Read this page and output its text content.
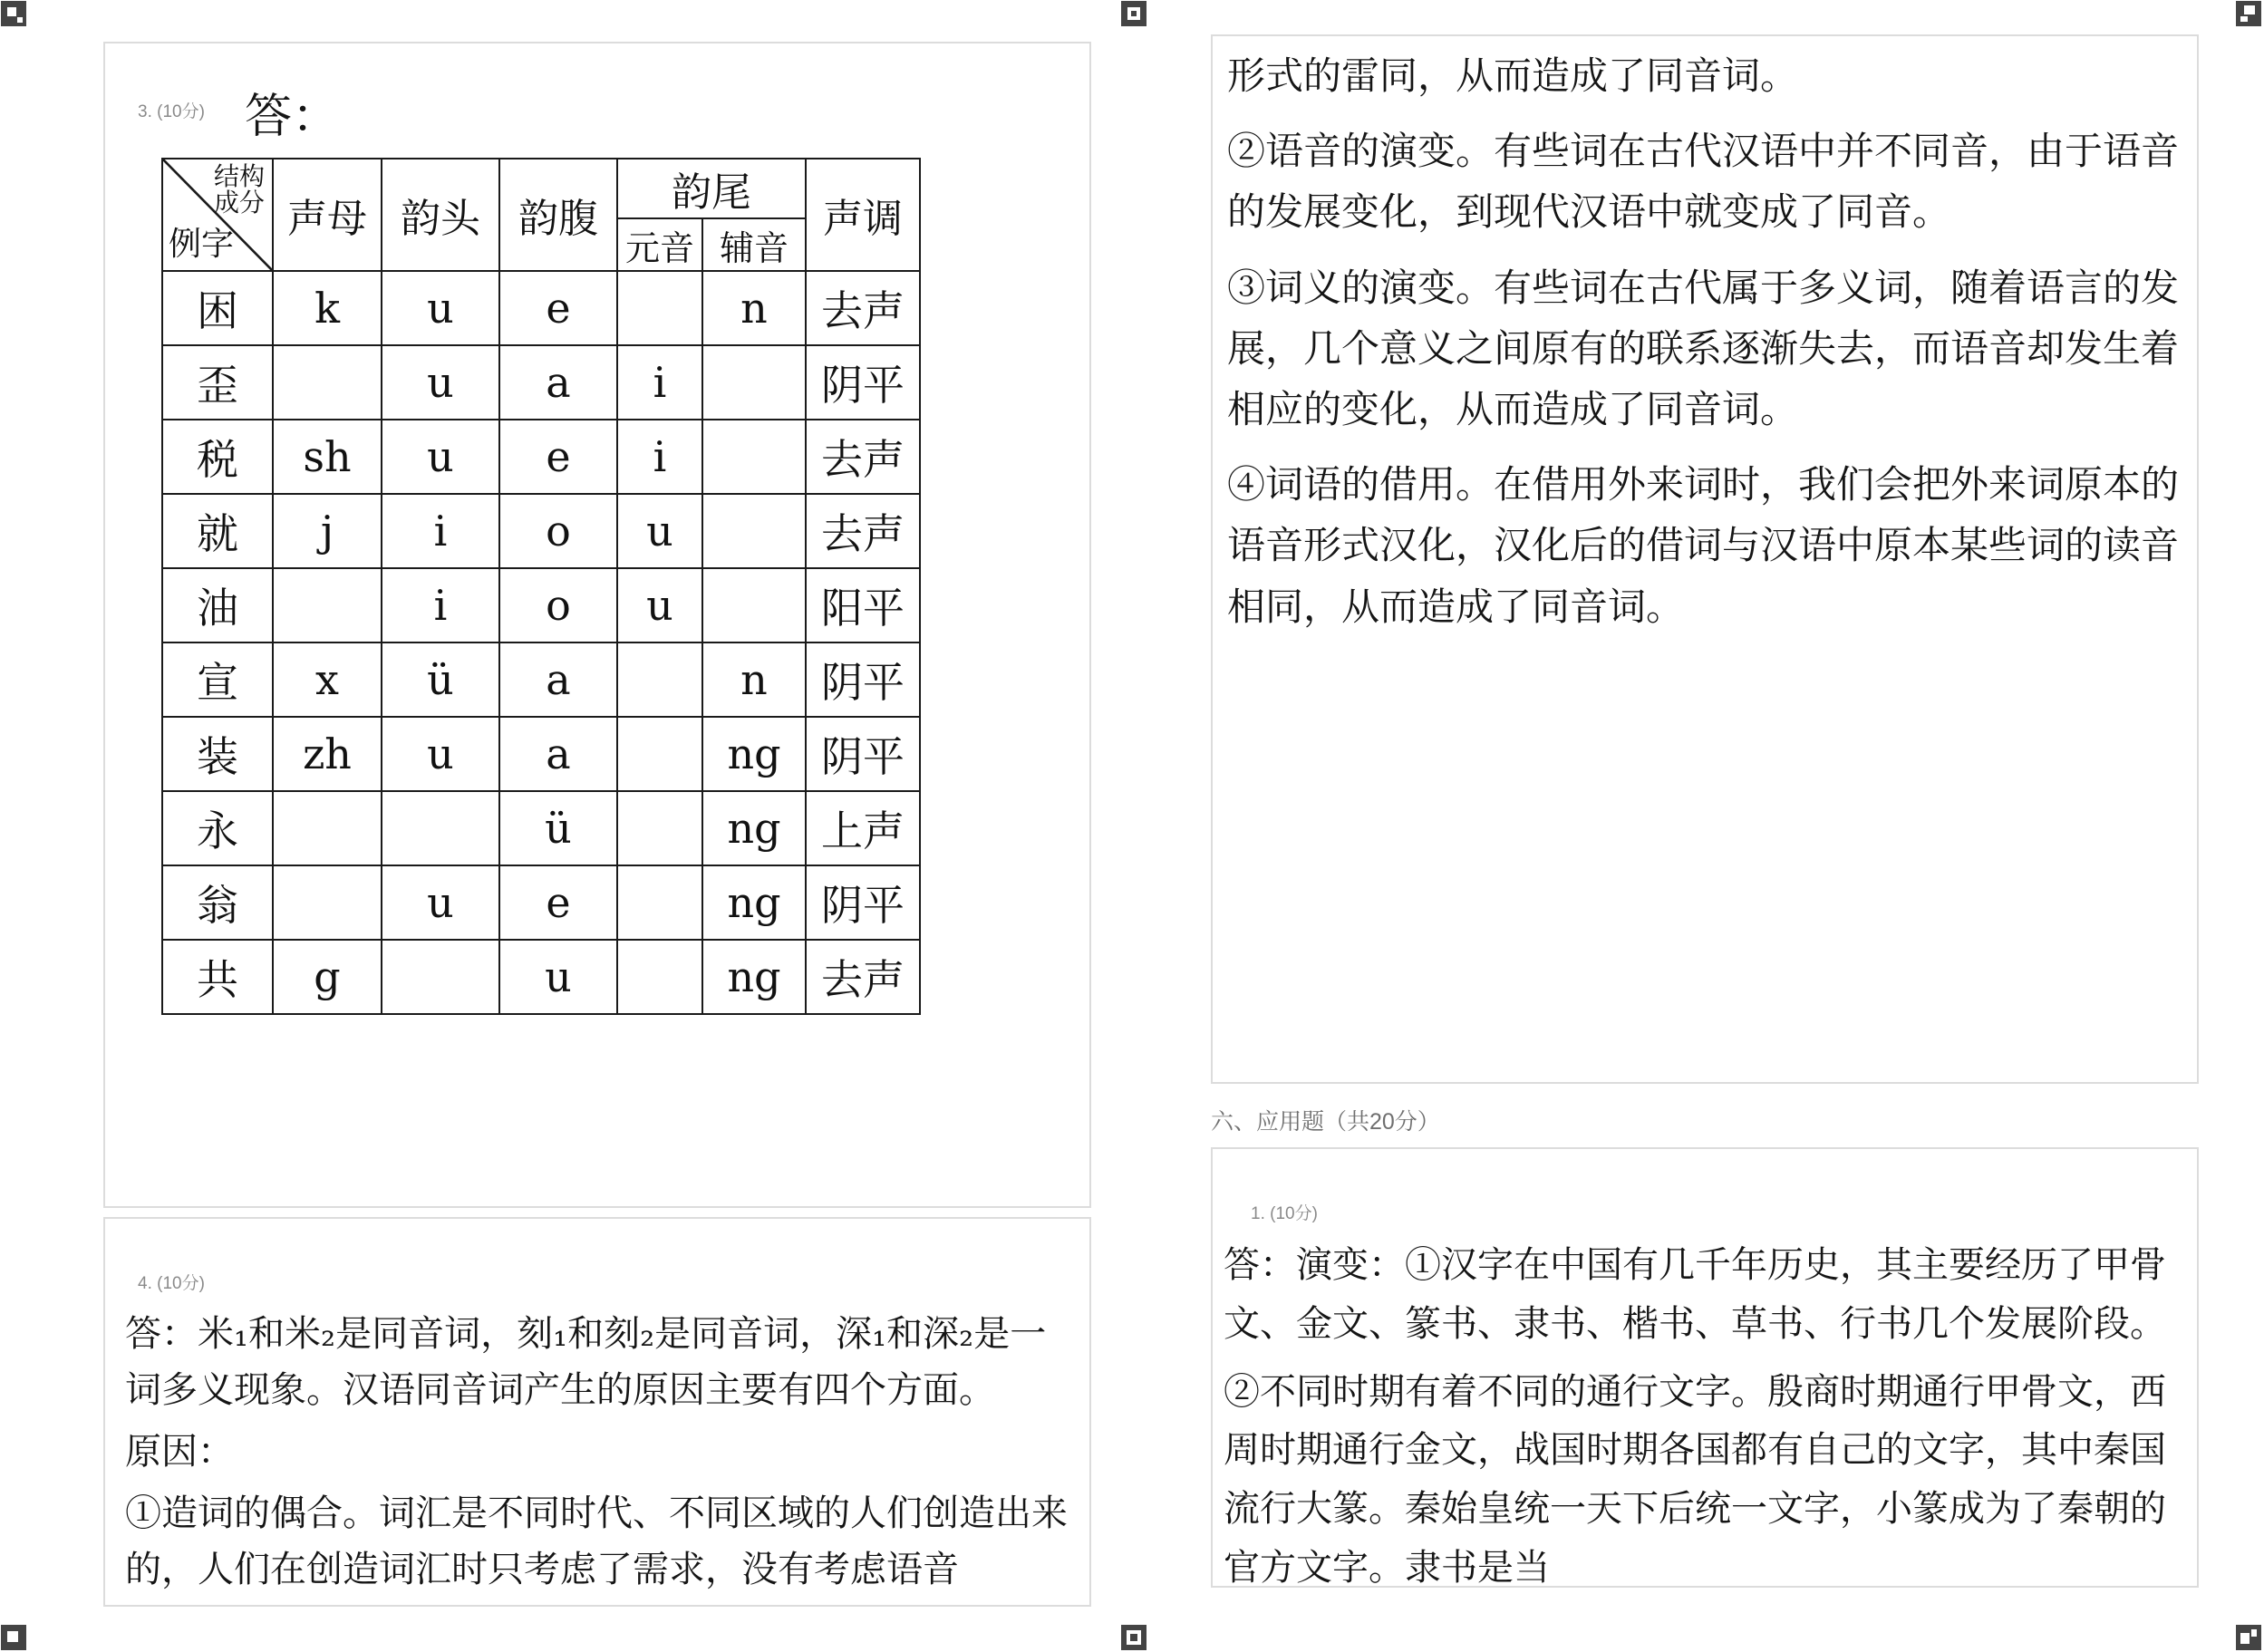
3. (10分) 答：
结构
成分
例字	声母	韵头	韵腹	韵尾		声调
				元音	辅音	
困	k	u	e		n	去声
歪		u	a	i		阴平
税	sh	u	e	i		去声
就	j	i	o	u		去声
油		i	o	u		阳平
宣	x	ü	a		n	阴平
装	zh	u	a		ng	阴平
永			ü		ng	上声
翁		u	e		ng	阴平
共	g		u		ng	去声
4. (10分)

答：米₁和米₂是同音词，刻₁和刻₂是同音词，深₁和深₂是一词多义现象。汉语同音词产生的原因主要有四个方面。

原因：

①造词的偶合。词汇是不同时代、不同区域的人们创造出来的，人们在创造词汇时只考虑了需求，没有考虑语音

形式的雷同，从而造成了同音词。

②语音的演变。有些词在古代汉语中并不同音，由于语音的发展变化，到现代汉语中就变成了同音。

③词义的演变。有些词在古代属于多义词，随着语言的发展，几个意义之间原有的联系逐渐失去，而语音却发生着相应的变化，从而造成了同音词。

④词语的借用。在借用外来词时，我们会把外来词原本的语音形式汉化，汉化后的借词与汉语中原本某些词的读音相同，从而造成了同音词。

六、应用题（共20分）
1. (10分)

答：演变：①汉字在中国有几千年历史，其主要经历了甲骨文、金文、篆书、隶书、楷书、草书、行书几个发展阶段。

②不同时期有着不同的通行文字。殷商时期通行甲骨文，西周时期通行金文，战国时期各国都有自己的文字，其中秦国流行大篆。秦始皇统一天下后统一文字，小篆成为了秦朝的官方文字。隶书是当
